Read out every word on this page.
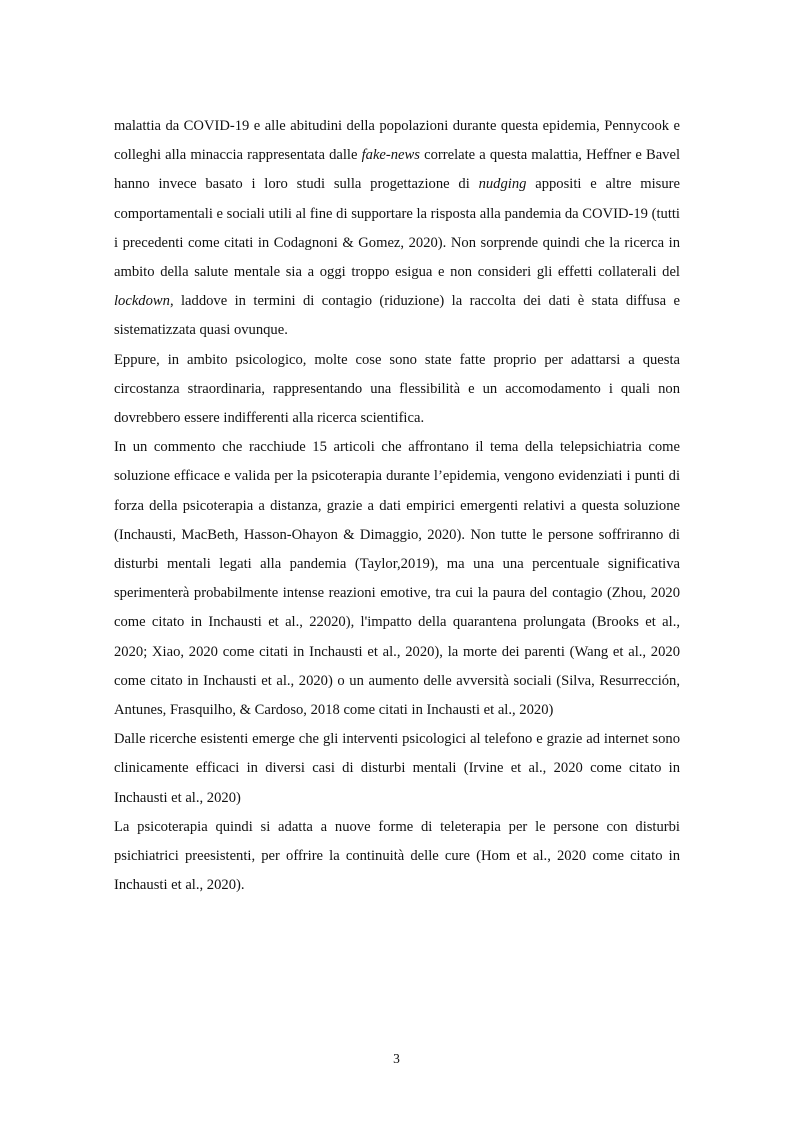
malattia da COVID-19 e alle abitudini della popolazioni durante questa epidemia, Pennycook e colleghi alla minaccia rappresentata dalle fake-news correlate a questa malattia, Heffner e Bavel hanno invece basato i loro studi sulla progettazione di nudging appositi e altre misure comportamentali e sociali utili al fine di supportare la risposta alla pandemia da COVID-19 (tutti i precedenti come citati in Codagnoni & Gomez, 2020). Non sorprende quindi che la ricerca in ambito della salute mentale sia a oggi troppo esigua e non consideri gli effetti collaterali del lockdown, laddove in termini di contagio (riduzione) la raccolta dei dati è stata diffusa e sistematizzata quasi ovunque.

Eppure, in ambito psicologico, molte cose sono state fatte proprio per adattarsi a questa circostanza straordinaria, rappresentando una flessibilità e un accomodamento i quali non dovrebbero essere indifferenti alla ricerca scientifica.

In un commento che racchiude 15 articoli che affrontano il tema della telepsichiatria come soluzione efficace e valida per la psicoterapia durante l’epidemia, vengono evidenziati i punti di forza della psicoterapia a distanza, grazie a dati empirici emergenti relativi a questa soluzione (Inchausti, MacBeth, Hasson-Ohayon & Dimaggio, 2020). Non tutte le persone soffriranno di disturbi mentali legati alla pandemia (Taylor,2019), ma una una percentuale significativa sperimenterà probabilmente intense reazioni emotive, tra cui la paura del contagio (Zhou, 2020 come citato in Inchausti et al., 22020), l'impatto della quarantena prolungata (Brooks et al., 2020; Xiao, 2020 come citati in Inchausti et al., 2020), la morte dei parenti (Wang et al., 2020 come citato in Inchausti et al., 2020) o un aumento delle avversità sociali (Silva, Resurrección, Antunes, Frasquilho, & Cardoso, 2018 come citati in Inchausti et al., 2020)

Dalle ricerche esistenti emerge che gli interventi psicologici al telefono e grazie ad internet sono clinicamente efficaci in diversi casi di disturbi mentali (Irvine et al., 2020 come citato in Inchausti et al., 2020)

La psicoterapia quindi si adatta a nuove forme di teleterapia per le persone con disturbi psichiatrici preesistenti, per offrire la continuità delle cure (Hom et al., 2020 come citato in Inchausti et al., 2020).

3
